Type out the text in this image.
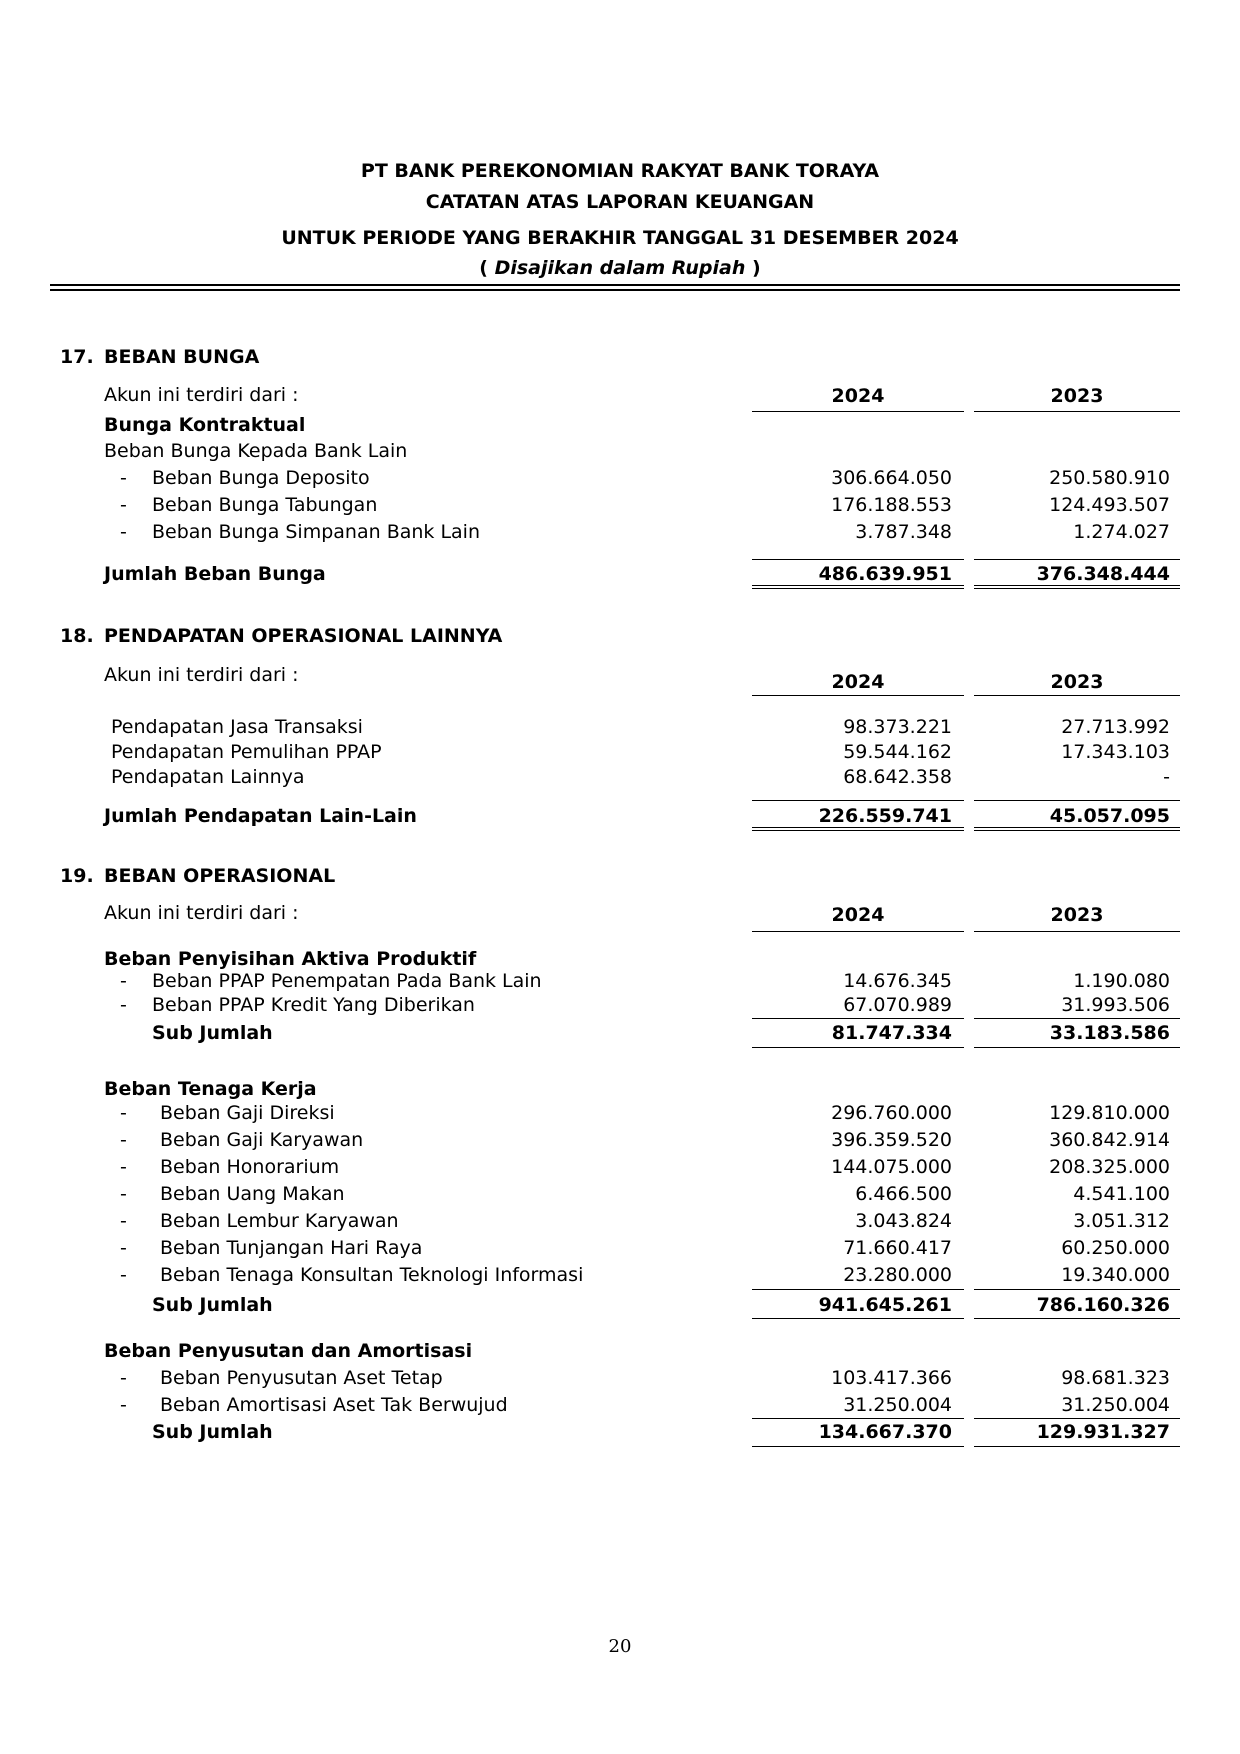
PT BANK PEREKONOMIAN RAKYAT BANK TORAYA
CATATAN ATAS LAPORAN KEUANGAN
UNTUK PERIODE YANG BERAKHIR TANGGAL 31 DESEMBER 2024
( Disajikan dalam Rupiah )
17. BEBAN BUNGA
Akun ini terdiri dari :	2024	2023
Bunga Kontraktual
Beban Bunga Kepada Bank Lain
- Beban Bunga Deposito	306.664.050	250.580.910
- Beban Bunga Tabungan	176.188.553	124.493.507
- Beban Bunga Simpanan Bank Lain	3.787.348	1.274.027
Jumlah Beban Bunga	486.639.951	376.348.444
18. PENDAPATAN OPERASIONAL LAINNYA
Akun ini terdiri dari :	2024	2023
Pendapatan Jasa Transaksi	98.373.221	27.713.992
Pendapatan Pemulihan PPAP	59.544.162	17.343.103
Pendapatan Lainnya	68.642.358	-
Jumlah Pendapatan Lain-Lain	226.559.741	45.057.095
19. BEBAN OPERASIONAL
Akun ini terdiri dari :	2024	2023
Beban Penyisihan Aktiva Produktif
- Beban PPAP Penempatan Pada Bank Lain	14.676.345	1.190.080
- Beban PPAP Kredit Yang Diberikan	67.070.989	31.993.506
Sub Jumlah	81.747.334	33.183.586
Beban Tenaga Kerja
- Beban Gaji Direksi	296.760.000	129.810.000
- Beban Gaji Karyawan	396.359.520	360.842.914
- Beban Honorarium	144.075.000	208.325.000
- Beban Uang Makan	6.466.500	4.541.100
- Beban Lembur Karyawan	3.043.824	3.051.312
- Beban Tunjangan Hari Raya	71.660.417	60.250.000
- Beban Tenaga Konsultan Teknologi Informasi	23.280.000	19.340.000
Sub Jumlah	941.645.261	786.160.326
Beban Penyusutan dan Amortisasi
- Beban Penyusutan Aset Tetap	103.417.366	98.681.323
- Beban Amortisasi Aset Tak Berwujud	31.250.004	31.250.004
Sub Jumlah	134.667.370	129.931.327
20
